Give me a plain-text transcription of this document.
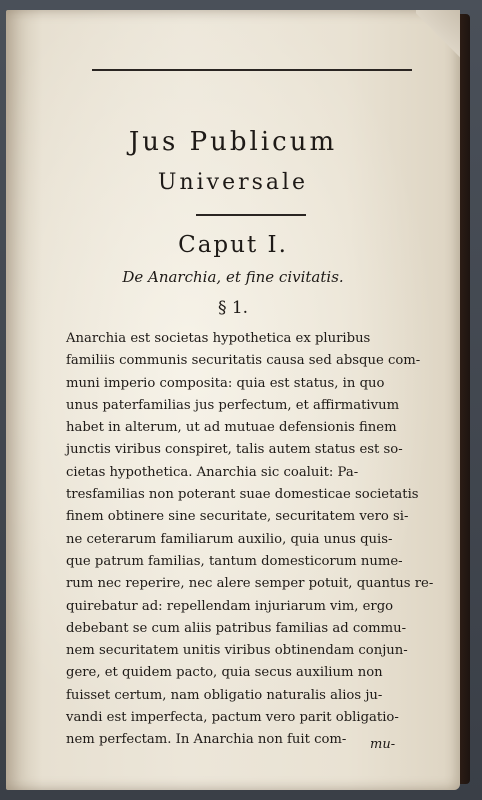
Jus Publicum
Universale
Caput I.
De Anarchia, et fine civitatis.
§ 1.
Anarchia est societas hypothetica ex pluribus
familiis communis securitatis causa sed absque com-
muni imperio composita: quia est status, in quo
unus paterfamilias jus perfectum, et affirmativum
habet in alterum, ut ad mutuae defensionis finem
junctis viribus conspiret, talis autem status est so-
cietas hypothetica. Anarchia sic coaluit: Pa-
tresfamilias non poterant suae domesticae societatis
finem obtinere sine securitate, securitatem vero si-
ne ceterarum familiarum auxilio, quia unus quis-
que patrum familias, tantum domesticorum nume-
rum nec reperire, nec alere semper potuit, quantus re-
quirebatur ad: repellendam injuriarum vim, ergo
debebant se cum aliis patribus familias ad commu-
nem securitatem unitis viribus obtinendam conjun-
gere, et quidem pacto, quia secus auxilium non
fuisset certum, nam obligatio naturalis alios ju-
vandi est imperfecta, pactum vero parit obligatio-
nem perfectam. In Anarchia non fuit com-	mu-
